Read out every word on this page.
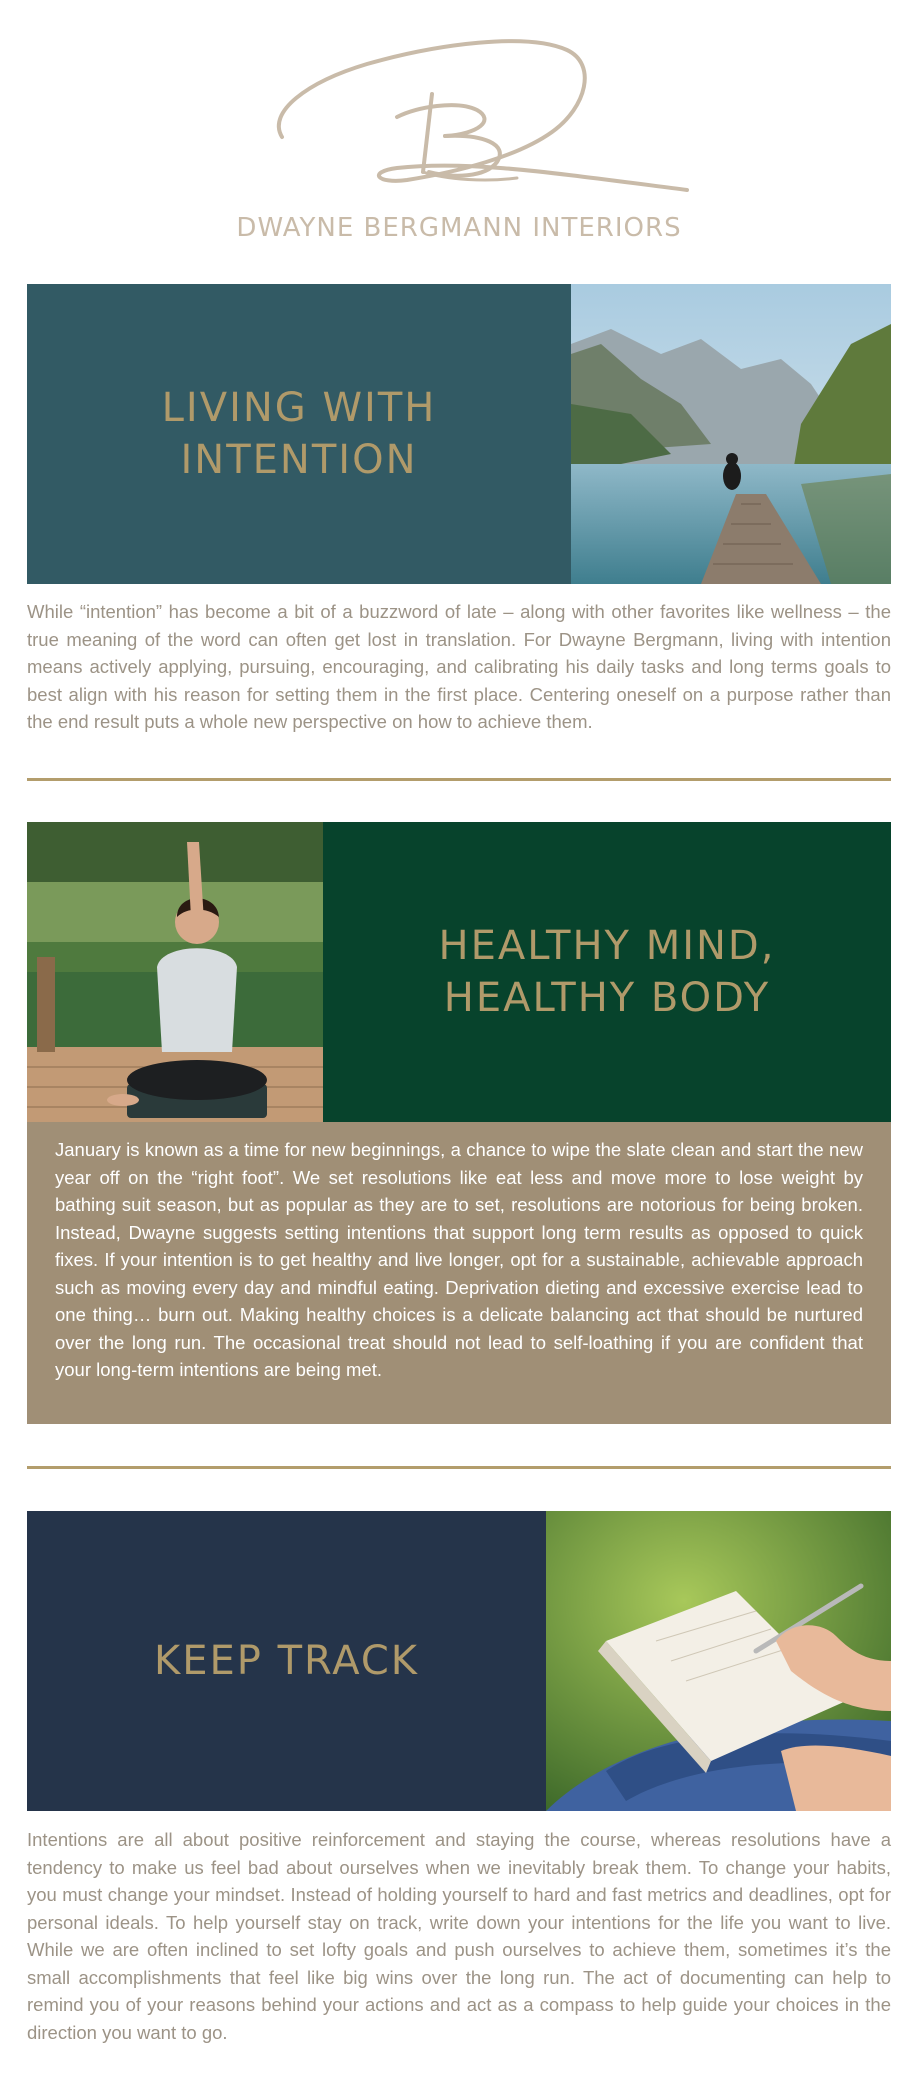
DWAYNE BERGMANN INTERIORS
LIVING WITH
INTENTION
While “intention” has become a bit of a buzzword of late – along with other favorites like wellness – the true meaning of the word can often get lost in translation. For Dwayne Bergmann, living with intention means actively applying, pursuing, encouraging, and calibrating his daily tasks and long terms goals to best align with his reason for setting them in the first place. Centering oneself on a purpose rather than the end result puts a whole new perspective on how to achieve them.
HEALTHY MIND,
HEALTHY BODY
January is known as a time for new beginnings, a chance to wipe the slate clean and start the new year off on the “right foot”. We set resolutions like eat less and move more to lose weight by bathing suit season, but as popular as they are to set, resolutions are notorious for being broken. Instead, Dwayne suggests setting intentions that support long term results as opposed to quick fixes. If your intention is to get healthy and live longer, opt for a sustainable, achievable approach such as moving every day and mindful eating. Deprivation dieting and excessive exercise lead to one thing… burn out. Making healthy choices is a delicate balancing act that should be nurtured over the long run. The occasional treat should not lead to self-loathing if you are confident that your long-term intentions are being met.
KEEP TRACK
Intentions are all about positive reinforcement and staying the course, whereas resolutions have a tendency to make us feel bad about ourselves when we inevitably break them. To change your habits, you must change your mindset. Instead of holding yourself to hard and fast metrics and deadlines, opt for personal ideals. To help yourself stay on track, write down your intentions for the life you want to live. While we are often inclined to set lofty goals and push ourselves to achieve them, sometimes it’s the small accomplishments that feel like big wins over the long run. The act of documenting can help to remind you of your reasons behind your actions and act as a compass to help guide your choices in the direction you want to go.
